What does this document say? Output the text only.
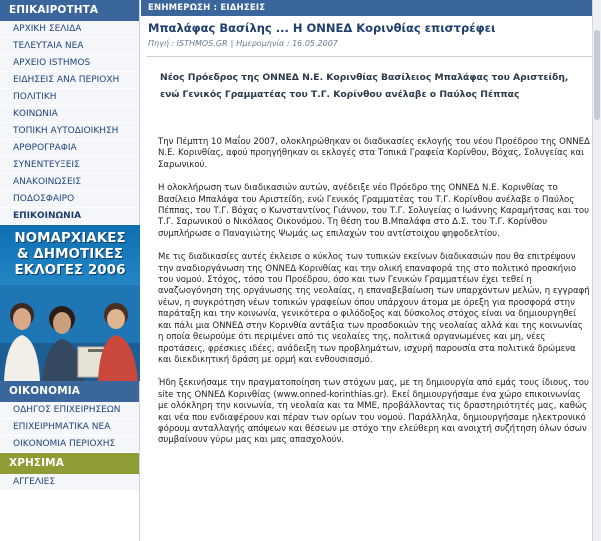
ΕΠΙΚΑΙΡΟΤΗΤΑ
ΑΡΧΙΚΗ ΣΕΛΙΔΑ
ΤΕΛΕΥΤΑΙΑ ΝΕΑ
ΑΡΧΕΙΟ ISTHMOS
ΕΙΔΗΣΕΙΣ ΑΝΑ ΠΕΡΙΟΧΗ
ΠΟΛΙΤΙΚΗ
ΚΟΙΝΩΝΙΑ
ΤΟΠΙΚΗ ΑΥΤΟΔΙΟΙΚΗΣΗ
ΑΡΘΡΟΓΡΑΦΙΑ
ΣΥΝΕΝΤΕΥΞΕΙΣ
ΑΝΑΚΟΙΝΩΣΕΙΣ
ΠΟΔΟΣΦΑΙΡΟ
ΕΠΙΚΟΙΝΩΝΙΑ
ΝΟΜΑΡΧΙΑΚΕΣ
& ΔΗΜΟΤΙΚΕΣ
ΕΚΛΟΓΕΣ 2006
ΟΙΚΟΝΟΜΙΑ
ΟΔΗΓΟΣ ΕΠΙΧΕΙΡΗΣΕΩΝ
ΕΠΙΧΕΙΡΗΜΑΤΙΚΑ ΝΕΑ
ΟΙΚΟΝΟΜΙΑ ΠΕΡΙΟΧΗΣ
ΧΡΗΣΙΜΑ
ΑΓΓΕΛΙΕΣ
ΕΝΗΜΕΡΩΣΗ : ΕΙΔΗΣΕΙΣ
Μπαλάφας Βασίλης ... Η ΟΝΝΕΔ Κορινθίας επιστρέφει
Πηγή : ISTHMOS.GR | Ημερομηνία : 16.05.2007

Νέος Πρόεδρος της ΟΝΝΕΔ Ν.Ε. Κορινθίας Βασίλειος Μπαλάφας του Αριστείδη, ενώ Γενικός Γραμματέας του Τ.Γ. Κορίνθου ανέλαβε ο Παύλος Πέππας

Την Πέμπτη 10 Μαΐου 2007, ολοκληρώθηκαν οι διαδικασίες εκλογής του νέου Προέδρου της ΟΝΝΕΔ Ν.Ε. Κορινθίας, αφού προηγήθηκαν οι εκλογές στα Τοπικά Γραφεία Κορίνθου, Βόχας, Σολυγείας και Σαρωνικού.

Η ολοκλήρωση των διαδικασιών αυτών, ανέδειξε νέο Πρόεδρο της ΟΝΝΕΔ Ν.Ε. Κορινθίας το Βασίλειο Μπαλάφα του Αριστείδη, ενώ Γενικός Γραμματέας του Τ.Γ. Κορίνθου ανέλαβε ο Παύλος Πέππας, του Τ.Γ. Βόχας ο Κωνσταντίνος Γιάννου, του Τ.Γ. Σολυγείας ο Ιωάννης Καραμήτσας και του Τ.Γ. Σαρωνικού ο Νικόλαος Οικονόμου. Τη θέση του Β.Μπαλάφα στο Δ.Σ. του Τ.Γ. Κορίνθου συμπλήρωσε ο Παναγιώτης Ψωμάς ως επιλαχών του αντίστοιχου ψηφοδελτίου.

Με τις διαδικασίες αυτές έκλεισε ο κύκλος των τυπικών εκείνων διαδικασιών που θα επιτρέψουν την αναδιοργάνωση της ΟΝΝΕΔ Κορινθίας και την ολική επαναφορά της στο πολιτικό προσκήνιο του νομού. Στόχος, τόσο του Προέδρου, όσο και των Γενικών Γραμματέων έχει τεθεί η αναζωογόνηση της οργάνωσης της νεολαίας, η επαναβεβαίωση των υπαρχόντων μελών, η εγγραφή νέων, η συγκρότηση νέων τοπικών γραφείων όπου υπάρχουν άτομα με όρεξη για προσφορά στην παράταξη και την κοινωνία, γενικότερα ο φιλόδοξος και δύσκολος στόχος είναι να δημιουργηθεί και πάλι μια ΟΝΝΕΔ στην Κορινθία αντάξια των προσδοκιών της νεολαίας αλλά και της κοινωνίας η οποία θεωρούμε ότι περιμένει από τις νεολαίες της, πολιτικά οργανωμένες και μη, νέες προτάσεις, φρέσκιες ιδέες, ανάδειξη των προβλημάτων, ισχυρή παρουσία στα πολιτικά δρώμενα και διεκδικητική δράση με ορμή και ενθουσιασμό.

Ήδη ξεκινήσαμε την πραγματοποίηση των στόχων μας, με τη δημιουργία από εμάς τους ίδιους, του site της ΟΝΝΕΔ Κορινθίας (www.onned-korinthias.gr). Εκεί δημιουργήσαμε ένα χώρο επικοινωνίας με ολόκληρη την κοινωνία, τη νεολαία και τα ΜΜΕ, προβάλλοντας τις δραστηριότητές μας, καθώς και νέα που ενδιαφέρουν και πέραν των ορίων του νομού. Παράλληλα, δημιουργήσαμε ηλεκτρονικό φόρουμ ανταλλαγής απόψεων και θέσεων με στόχο την ελεύθερη και ανοιχτή συζήτηση όλων όσων συμβαίνουν γύρω μας και μας απασχολούν.
